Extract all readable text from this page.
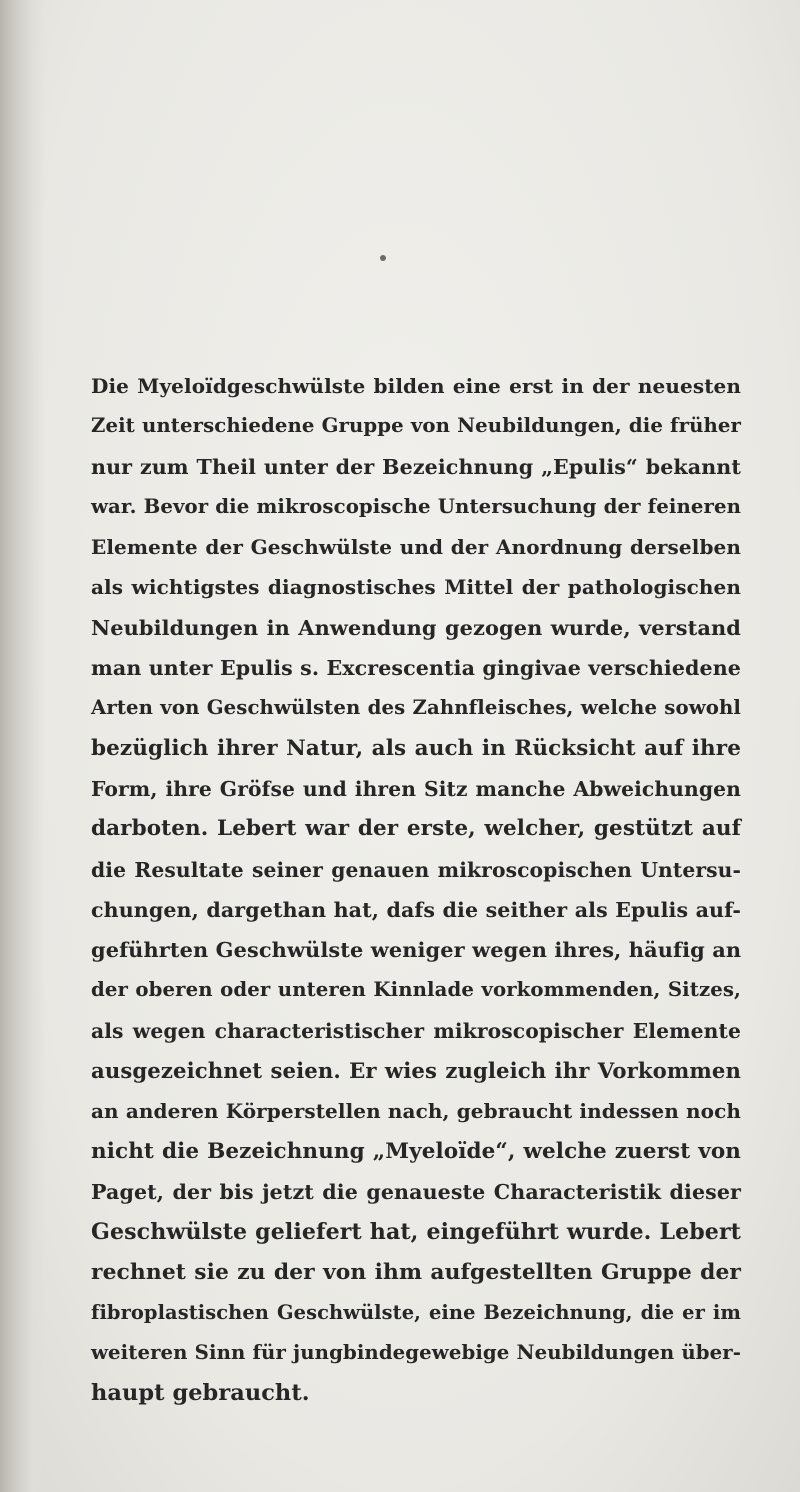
Die Myeloïdgeschwülste bilden eine erst in der neuesten
Zeit unterschiedene Gruppe von Neubildungen, die früher
nur zum Theil unter der Bezeichnung „Epulis“ bekannt
war. Bevor die mikroscopische Untersuchung der feineren
Elemente der Geschwülste und der Anordnung derselben
als wichtigstes diagnostisches Mittel der pathologischen
Neubildungen in Anwendung gezogen wurde, verstand
man unter Epulis s. Excrescentia gingivae verschiedene
Arten von Geschwülsten des Zahnfleisches, welche sowohl
bezüglich ihrer Natur, als auch in Rücksicht auf ihre
Form, ihre Gröfse und ihren Sitz manche Abweichungen
darboten. Lebert war der erste, welcher, gestützt auf
die Resultate seiner genauen mikroscopischen Untersu-
chungen, dargethan hat, dafs die seither als Epulis auf-
geführten Geschwülste weniger wegen ihres, häufig an
der oberen oder unteren Kinnlade vorkommenden, Sitzes,
als wegen characteristischer mikroscopischer Elemente
ausgezeichnet seien. Er wies zugleich ihr Vorkommen
an anderen Körperstellen nach, gebraucht indessen noch
nicht die Bezeichnung „Myeloïde“, welche zuerst von
Paget, der bis jetzt die genaueste Characteristik dieser
Geschwülste geliefert hat, eingeführt wurde. Lebert
rechnet sie zu der von ihm aufgestellten Gruppe der
fibroplastischen Geschwülste, eine Bezeichnung, die er im
weiteren Sinn für jungbindegewebige Neubildungen über-
haupt gebraucht.
